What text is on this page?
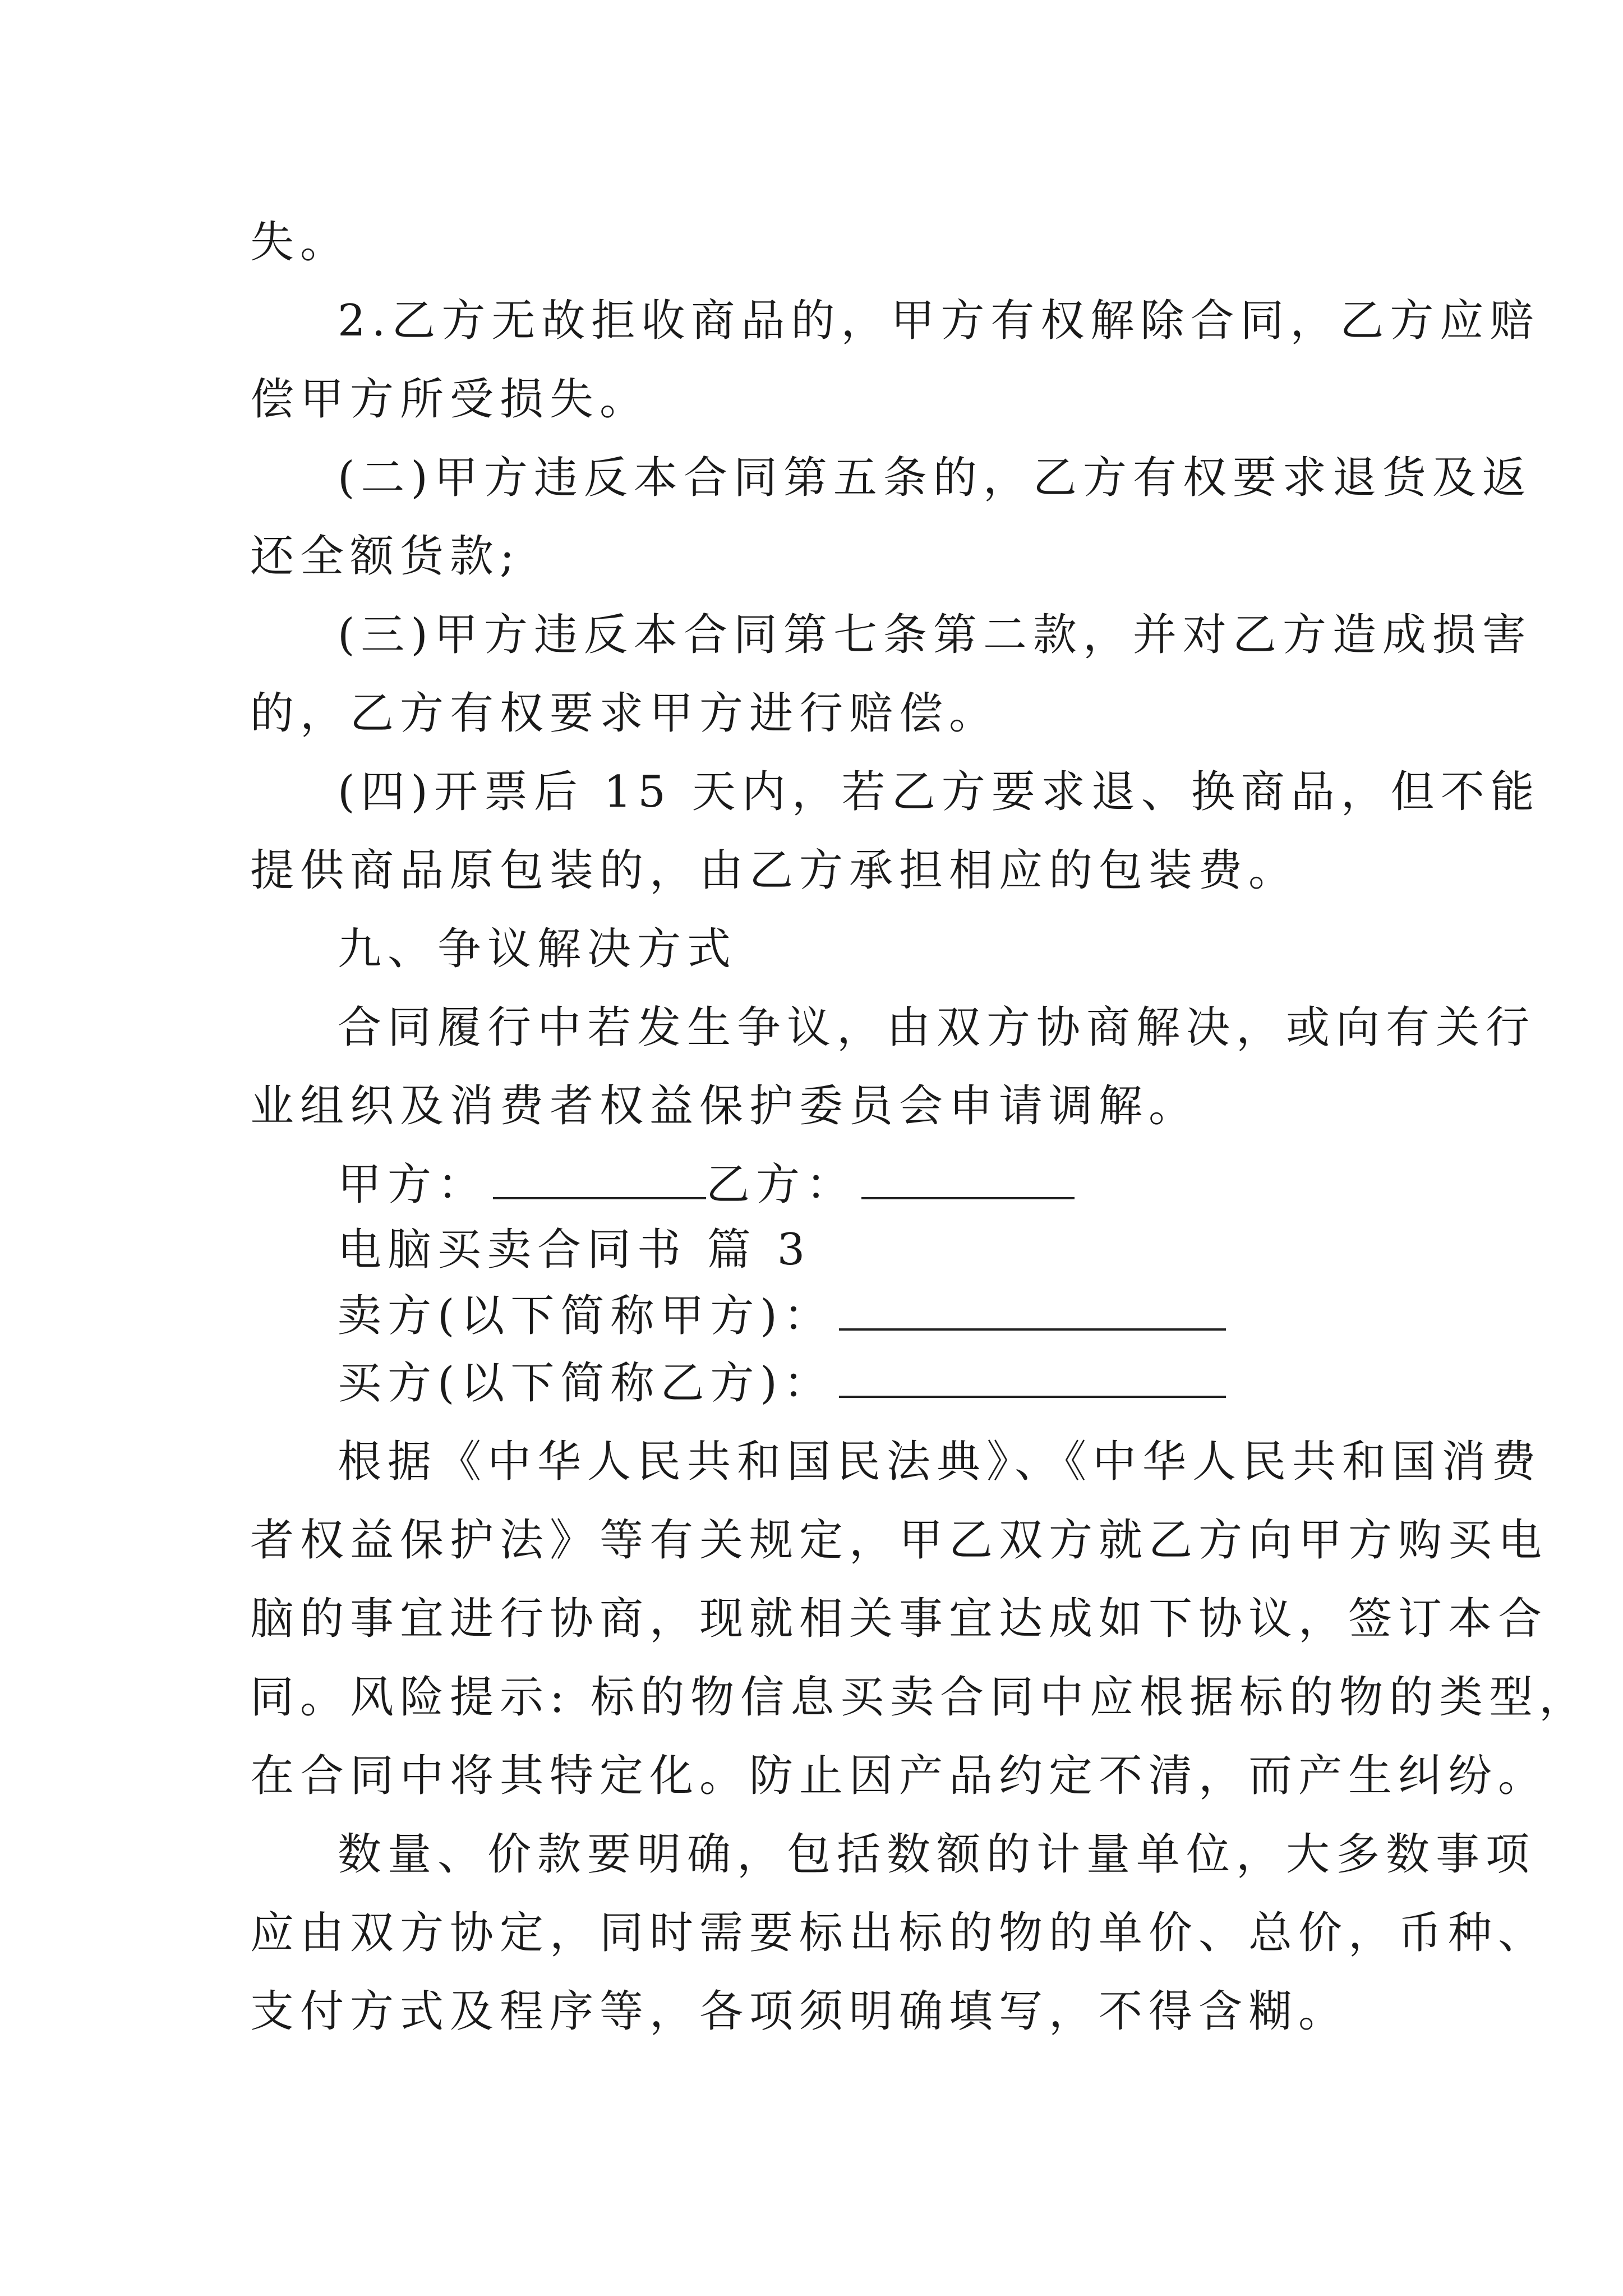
失。
2.乙方无故拒收商品的，甲方有权解除合同，乙方应赔
偿甲方所受损失。
(二)甲方违反本合同第五条的，乙方有权要求退货及返
还全额货款;
(三)甲方违反本合同第七条第二款，并对乙方造成损害
的，乙方有权要求甲方进行赔偿。
(四)开票后 15 天内，若乙方要求退、换商品，但不能
提供商品原包装的，由乙方承担相应的包装费。
九、争议解决方式
合同履行中若发生争议，由双方协商解决，或向有关行
业组织及消费者权益保护委员会申请调解。
甲方：	乙方：
电脑买卖合同书 篇 3
卖方(以下简称甲方)：
买方(以下简称乙方)：
根据《中华人民共和国民法典》、《中华人民共和国消费
者权益保护法》等有关规定，甲乙双方就乙方向甲方购买电
脑的事宜进行协商，现就相关事宜达成如下协议，签订本合
同。风险提示: 标的物信息买卖合同中应根据标的物的类型，
在合同中将其特定化。防止因产品约定不清，而产生纠纷。
数量、价款要明确，包括数额的计量单位，大多数事项
应由双方协定，同时需要标出标的物的单价、总价，币种、
支付方式及程序等，各项须明确填写，不得含糊。
